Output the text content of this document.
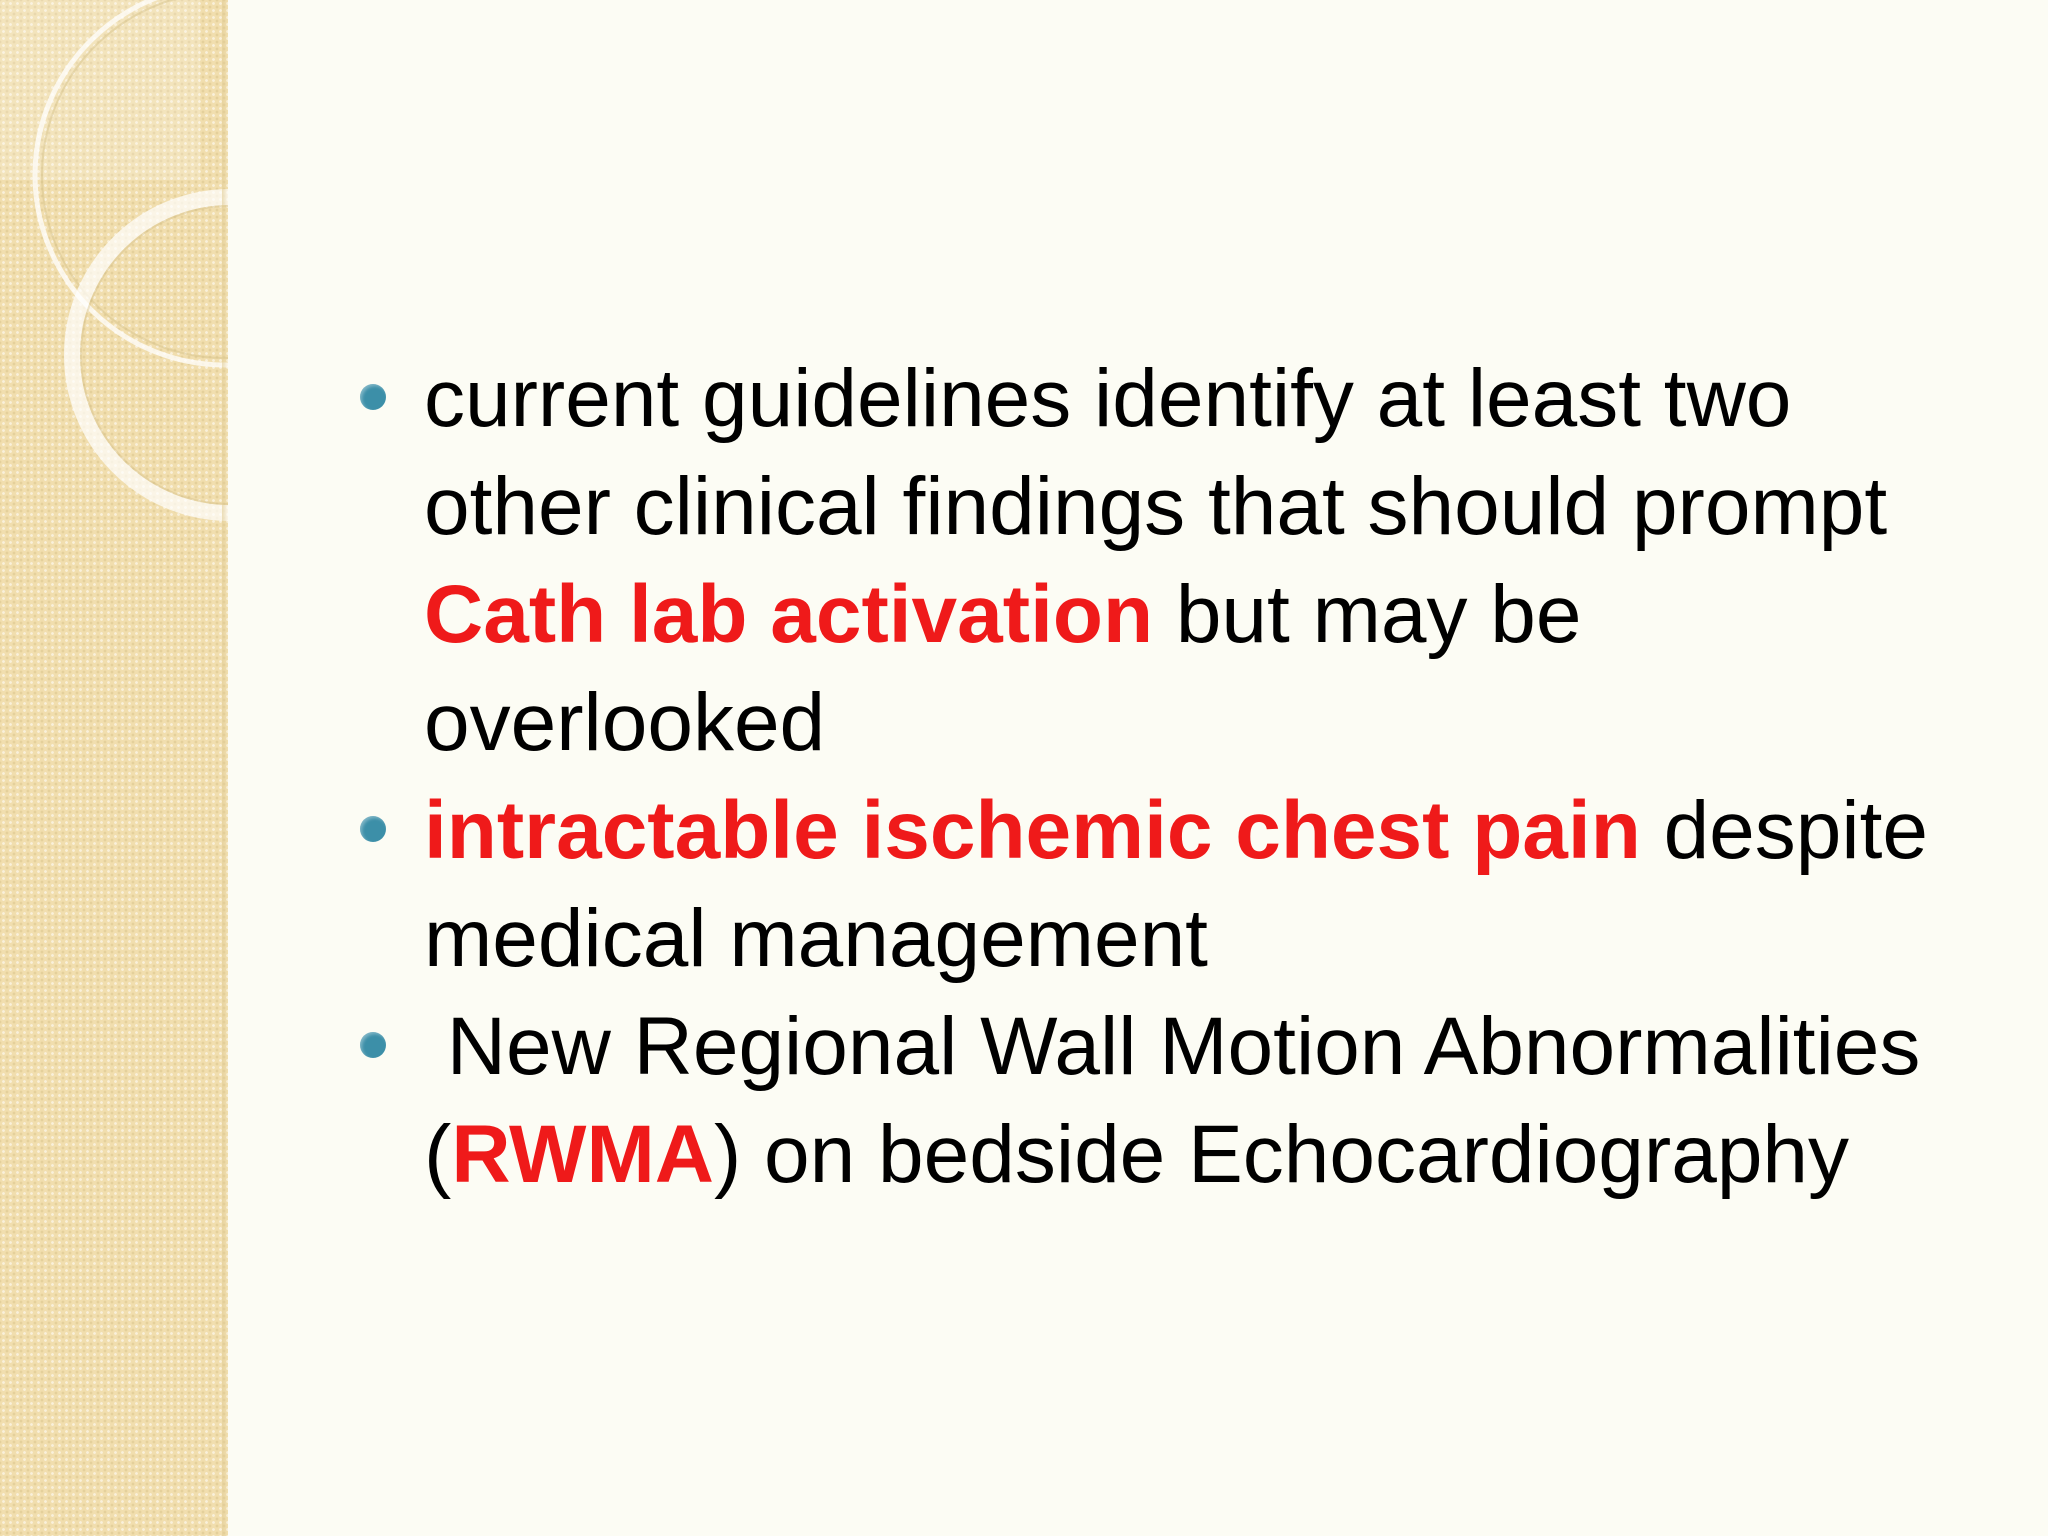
current guidelines identify at least two other clinical findings that should prompt Cath lab activation but may be overlooked
intractable ischemic chest pain despite medical management
New Regional Wall Motion Abnormalities (RWMA) on bedside Echocardiography
